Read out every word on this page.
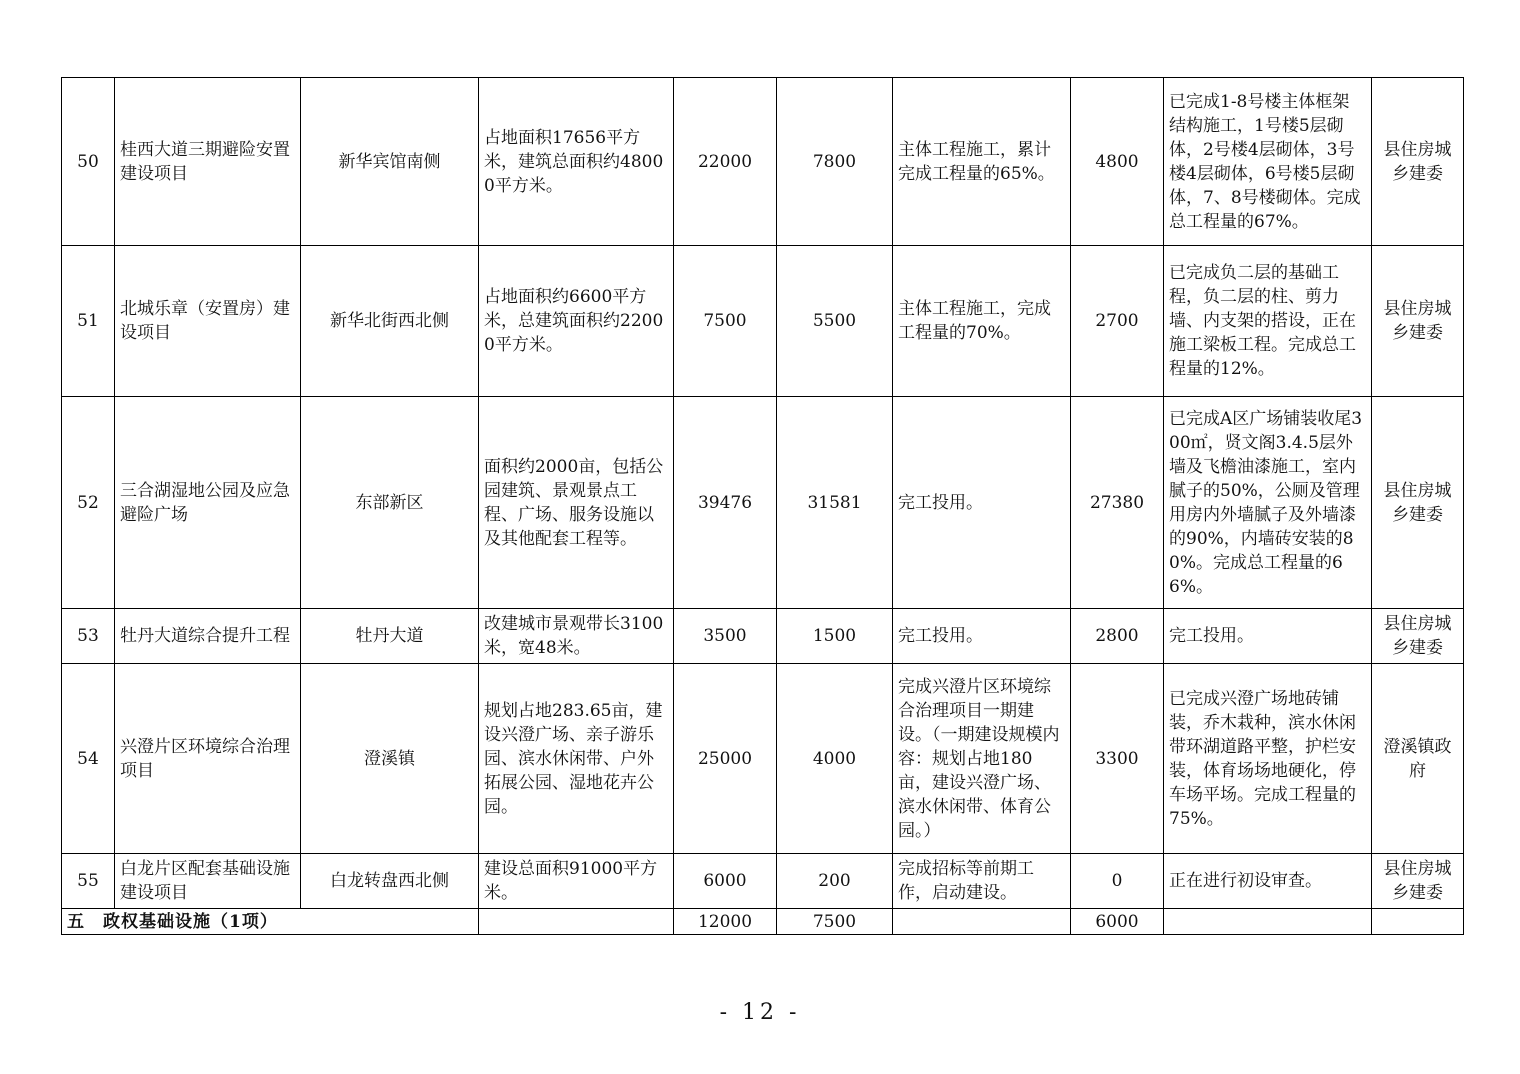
50	桂西大道三期避险安置建设项目	新华宾馆南侧	占地面积17656平方米，建筑总面积约48000平方米。	22000	7800	主体工程施工，累计完成工程量的65%。	4800	已完成1-8号楼主体框架结构施工，1号楼5层砌体，2号楼4层砌体，3号楼4层砌体，6号楼5层砌体，7、8号楼砌体。完成总工程量的67%。	县住房城乡建委
51	北城乐章（安置房）建设项目	新华北街西北侧	占地面积约6600平方米，总建筑面积约22000平方米。	7500	5500	主体工程施工，完成工程量的70%。	2700	已完成负二层的基础工程，负二层的柱、剪力墙、内支架的搭设，正在施工梁板工程。完成总工程量的12%。	县住房城乡建委
52	三合湖湿地公园及应急避险广场	东部新区	面积约2000亩，包括公园建筑、景观景点工程、广场、服务设施以及其他配套工程等。	39476	31581	完工投用。	27380	已完成A区广场铺装收尾300㎡，贤文阁3.4.5层外墙及飞檐油漆施工，室内腻子的50%，公厕及管理用房内外墙腻子及外墙漆的90%，内墙砖安装的80%。完成总工程量的66%。	县住房城乡建委
53	牡丹大道综合提升工程	牡丹大道	改建城市景观带长3100米，宽48米。	3500	1500	完工投用。	2800	完工投用。	县住房城乡建委
54	兴澄片区环境综合治理项目	澄溪镇	规划占地283.65亩，建设兴澄广场、亲子游乐园、滨水休闲带、户外拓展公园、湿地花卉公园。	25000	4000	完成兴澄片区环境综合治理项目一期建设。（一期建设规模内容：规划占地180亩，建设兴澄广场、滨水休闲带、体育公园。）	3300	已完成兴澄广场地砖铺装，乔木栽种，滨水休闲带环湖道路平整，护栏安装，体育场场地硬化，停车场平场。完成工程量的75%。	澄溪镇政府
55	白龙片区配套基础设施建设项目	白龙转盘西北侧	建设总面积91000平方米。	6000	200	完成招标等前期工作，启动建设。	0	正在进行初设审查。	县住房城乡建委
五　政权基础设施（1项）				12000	7500		6000		
- 12 -
